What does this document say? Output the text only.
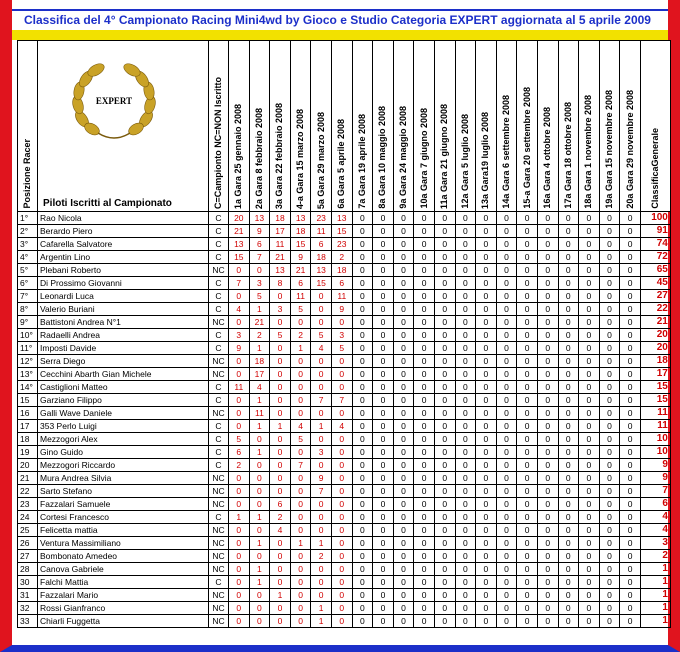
Classifica del 4° Campionato Racing Mini4wd by Gioco e Studio Categoria EXPERT aggiornata al 5 aprile 2009
Posizione Racer	EXPERT
Piloti Iscritti al Campionato	C=Campionto NC=NON Iscritto	1a Gara 25 gennaio 2008	2a Gara 8 febbraio 2008	3a Gara 22 febbraio 2008	4-a Gara 15 marzo 2008	5a Gara 29 marzo 2008	6a Gara 5 aprile 2008	7a Gara 19 aprile 2008	8a Gara 10 maggio 2008	9a Gara 24 maggio 2008	10a Gara 7 giugno 2008	11a Gara 21 giugno 2008	12a Gara 5 luglio 2008	13a Gara19 luglio 2008	14a Gara 6 settembre 2008	15-a Gara 20 settembre 2008	16a Gara 4 ottobre 2008	17a Gara 18 ottobre 2008	18a Gara 1 novembre 2008	19a Gara 15 novembre 2008	20a Gara 29 novembre 2008	ClassificaGenerale
1°	Rao Nicola	C	20	13	18	13	23	13	0	0	0	0	0	0	0	0	0	0	0	0	0	0	100
2°	Berardo Piero	C	21	9	17	18	11	15	0	0	0	0	0	0	0	0	0	0	0	0	0	0	91
3°	Cafarella Salvatore	C	13	6	11	15	6	23	0	0	0	0	0	0	0	0	0	0	0	0	0	0	74
4°	Argentin Lino	C	15	7	21	9	18	2	0	0	0	0	0	0	0	0	0	0	0	0	0	0	72
5°	Plebani Roberto	NC	0	0	13	21	13	18	0	0	0	0	0	0	0	0	0	0	0	0	0	0	65
6°	Di Prossimo Giovanni	C	7	3	8	6	15	6	0	0	0	0	0	0	0	0	0	0	0	0	0	0	45
7°	Leonardi Luca	C	0	5	0	11	0	11	0	0	0	0	0	0	0	0	0	0	0	0	0	0	27
8°	Valerio Buriani	C	4	1	3	5	0	9	0	0	0	0	0	0	0	0	0	0	0	0	0	0	22
9°	Battistoni Andrea N°1	NC	0	21	0	0	0	0	0	0	0	0	0	0	0	0	0	0	0	0	0	0	21
10°	Radaelli Andrea	C	3	2	5	2	5	3	0	0	0	0	0	0	0	0	0	0	0	0	0	0	20
11°	Imposti Davide	C	9	1	0	1	4	5	0	0	0	0	0	0	0	0	0	0	0	0	0	0	20
12°	Serra Diego	NC	0	18	0	0	0	0	0	0	0	0	0	0	0	0	0	0	0	0	0	0	18
13°	Cecchini Abarth Gian Michele	NC	0	17	0	0	0	0	0	0	0	0	0	0	0	0	0	0	0	0	0	0	17
14°	Castiglioni Matteo	C	11	4	0	0	0	0	0	0	0	0	0	0	0	0	0	0	0	0	0	0	15
15	Garziano Filippo	C	0	1	0	0	7	7	0	0	0	0	0	0	0	0	0	0	0	0	0	0	15
16	Galli Wave Daniele	NC	0	11	0	0	0	0	0	0	0	0	0	0	0	0	0	0	0	0	0	0	11
17	353 Perlo Luigi	C	0	1	1	4	1	4	0	0	0	0	0	0	0	0	0	0	0	0	0	0	11
18	Mezzogori Alex	C	5	0	0	5	0	0	0	0	0	0	0	0	0	0	0	0	0	0	0	0	10
19	Gino Guido	C	6	1	0	0	3	0	0	0	0	0	0	0	0	0	0	0	0	0	0	0	10
20	Mezzogori Riccardo	C	2	0	0	7	0	0	0	0	0	0	0	0	0	0	0	0	0	0	0	0	9
21	Mura Andrea Silvia	NC	0	0	0	0	9	0	0	0	0	0	0	0	0	0	0	0	0	0	0	0	9
22	Sarto Stefano	NC	0	0	0	0	7	0	0	0	0	0	0	0	0	0	0	0	0	0	0	0	7
23	Fazzalari Samuele	NC	0	0	6	0	0	0	0	0	0	0	0	0	0	0	0	0	0	0	0	0	6
24	Cortesi Francesco	C	1	1	2	0	0	0	0	0	0	0	0	0	0	0	0	0	0	0	0	0	4
25	Felicetta mattia	NC	0	0	4	0	0	0	0	0	0	0	0	0	0	0	0	0	0	0	0	0	4
26	Ventura Massimiliano	NC	0	1	0	1	1	0	0	0	0	0	0	0	0	0	0	0	0	0	0	0	3
27	Bombonato Amedeo	NC	0	0	0	0	2	0	0	0	0	0	0	0	0	0	0	0	0	0	0	0	2
28	Canova Gabriele	NC	0	1	0	0	0	0	0	0	0	0	0	0	0	0	0	0	0	0	0	0	1
30	Falchi Mattia	C	0	1	0	0	0	0	0	0	0	0	0	0	0	0	0	0	0	0	0	0	1
31	Fazzalari Mario	NC	0	0	1	0	0	0	0	0	0	0	0	0	0	0	0	0	0	0	0	0	1
32	Rossi Gianfranco	NC	0	0	0	0	1	0	0	0	0	0	0	0	0	0	0	0	0	0	0	0	1
33	Chiarli Fuggetta	NC	0	0	0	0	1	0	0	0	0	0	0	0	0	0	0	0	0	0	0	0	1
